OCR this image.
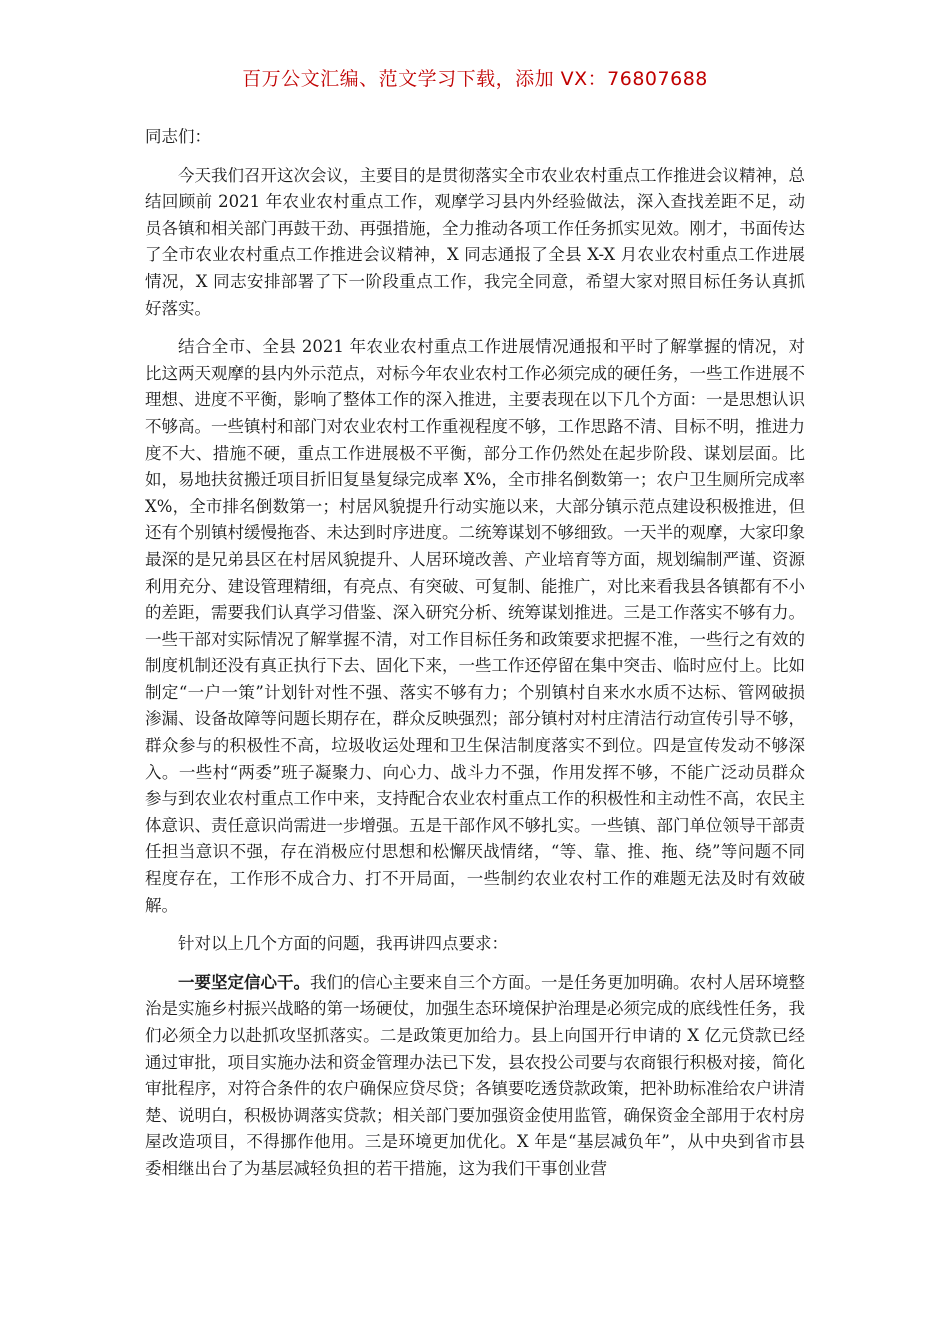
百万公文汇编、范文学习下载，添加 VX：76807688

同志们：

今天我们召开这次会议，主要目的是贯彻落实全市农业农村重点工作推进会议精神，总结回顾前 2021 年农业农村重点工作，观摩学习县内外经验做法，深入查找差距不足，动员各镇和相关部门再鼓干劲、再强措施，全力推动各项工作任务抓实见效。刚才，书面传达了全市农业农村重点工作推进会议精神，X 同志通报了全县 X-X 月农业农村重点工作进展情况，X 同志安排部署了下一阶段重点工作，我完全同意，希望大家对照目标任务认真抓好落实。

结合全市、全县 2021 年农业农村重点工作进展情况通报和平时了解掌握的情况，对比这两天观摩的县内外示范点，对标今年农业农村工作必须完成的硬任务，一些工作进展不理想、进度不平衡，影响了整体工作的深入推进，主要表现在以下几个方面：一是思想认识不够高。一些镇村和部门对农业农村工作重视程度不够，工作思路不清、目标不明，推进力度不大、措施不硬，重点工作进展极不平衡，部分工作仍然处在起步阶段、谋划层面。比如，易地扶贫搬迁项目折旧复垦复绿完成率 X%，全市排名倒数第一；农户卫生厕所完成率 X%，全市排名倒数第一；村居风貌提升行动实施以来，大部分镇示范点建设积极推进，但还有个别镇村缓慢拖沓、未达到时序进度。二统筹谋划不够细致。一天半的观摩，大家印象最深的是兄弟县区在村居风貌提升、人居环境改善、产业培育等方面，规划编制严谨、资源利用充分、建设管理精细，有亮点、有突破、可复制、能推广，对比来看我县各镇都有不小的差距，需要我们认真学习借鉴、深入研究分析、统筹谋划推进。三是工作落实不够有力。一些干部对实际情况了解掌握不清，对工作目标任务和政策要求把握不准，一些行之有效的制度机制还没有真正执行下去、固化下来，一些工作还停留在集中突击、临时应付上。比如制定“一户一策”计划针对性不强、落实不够有力；个别镇村自来水水质不达标、管网破损渗漏、设备故障等问题长期存在，群众反映强烈；部分镇村对村庄清洁行动宣传引导不够，群众参与的积极性不高，垃圾收运处理和卫生保洁制度落实不到位。四是宣传发动不够深入。一些村“两委”班子凝聚力、向心力、战斗力不强，作用发挥不够，不能广泛动员群众参与到农业农村重点工作中来，支持配合农业农村重点工作的积极性和主动性不高，农民主体意识、责任意识尚需进一步增强。五是干部作风不够扎实。一些镇、部门单位领导干部责任担当意识不强，存在消极应付思想和松懈厌战情绪，“等、靠、推、拖、绕”等问题不同程度存在，工作形不成合力、打不开局面，一些制约农业农村工作的难题无法及时有效破解。

针对以上几个方面的问题，我再讲四点要求：

一要坚定信心干。我们的信心主要来自三个方面。一是任务更加明确。农村人居环境整治是实施乡村振兴战略的第一场硬仗，加强生态环境保护治理是必须完成的底线性任务，我们必须全力以赴抓攻坚抓落实。二是政策更加给力。县上向国开行申请的 X 亿元贷款已经通过审批，项目实施办法和资金管理办法已下发，县农投公司要与农商银行积极对接，简化审批程序，对符合条件的农户确保应贷尽贷；各镇要吃透贷款政策，把补助标准给农户讲清楚、说明白，积极协调落实贷款；相关部门要加强资金使用监管，确保资金全部用于农村房屋改造项目，不得挪作他用。三是环境更加优化。X 年是“基层减负年”，从中央到省市县委相继出台了为基层减轻负担的若干措施，这为我们干事创业营
